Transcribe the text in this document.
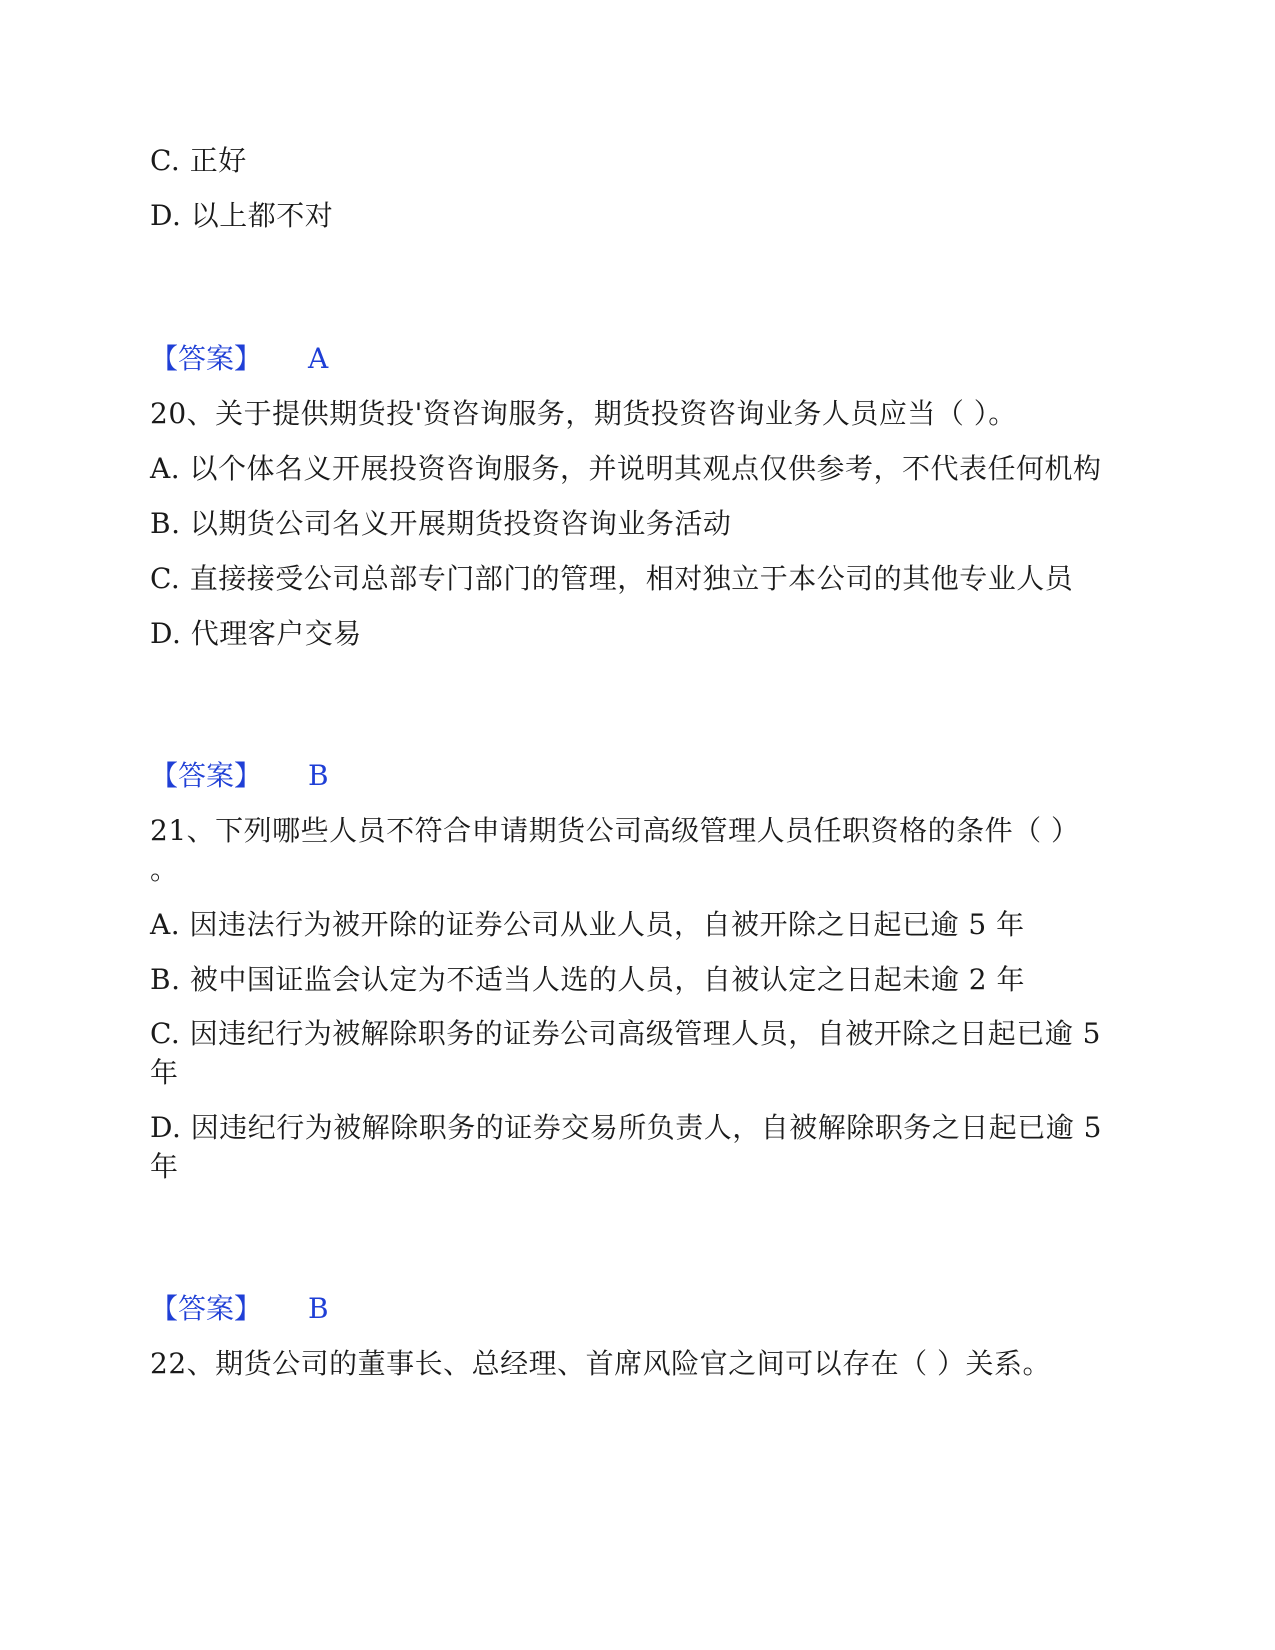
C. 正好
D. 以上都不对
【答案】 A
20、关于提供期货投'资咨询服务，期货投资咨询业务人员应当（ ）。
A. 以个体名义开展投资咨询服务，并说明其观点仅供参考，不代表任何机构
B. 以期货公司名义开展期货投资咨询业务活动
C. 直接接受公司总部专门部门的管理，相对独立于本公司的其他专业人员
D. 代理客户交易
【答案】 B
21、下列哪些人员不符合申请期货公司高级管理人员任职资格的条件（ ）
。
A. 因违法行为被开除的证券公司从业人员，自被开除之日起已逾 5 年
B. 被中国证监会认定为不适当人选的人员，自被认定之日起未逾 2 年
C. 因违纪行为被解除职务的证券公司高级管理人员，自被开除之日起已逾 5
年
D. 因违纪行为被解除职务的证券交易所负责人，自被解除职务之日起已逾 5
年
【答案】 B
22、期货公司的董事长、总经理、首席风险官之间可以存在（ ）关系。
